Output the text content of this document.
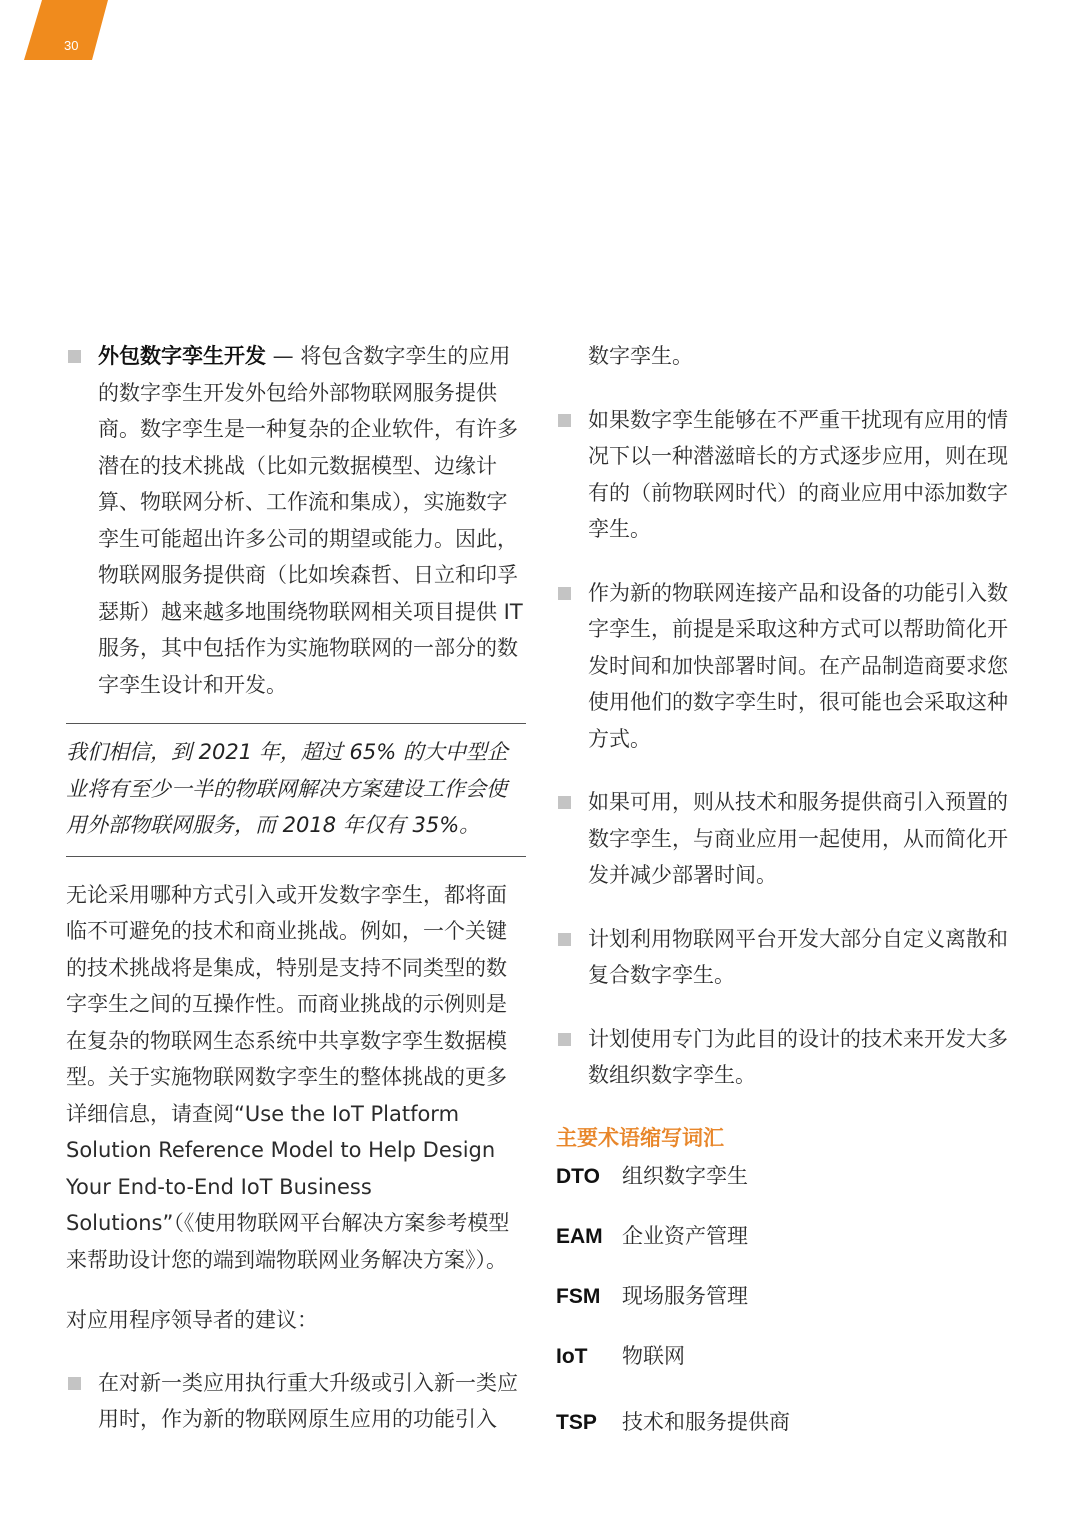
30
外包数字孪生开发 — 将包含数字孪生的应用的数字孪生开发外包给外部物联网服务提供商。数字孪生是一种复杂的企业软件，有许多潜在的技术挑战（比如元数据模型、边缘计算、物联网分析、工作流和集成），实施数字孪生可能超出许多公司的期望或能力。因此，物联网服务提供商（比如埃森哲、日立和印孚瑟斯）越来越多地围绕物联网相关项目提供 IT 服务，其中包括作为实施物联网的一部分的数字孪生设计和开发。
我们相信，到 2021 年，超过 65% 的大中型企业将有至少一半的物联网解决方案建设工作会使用外部物联网服务，而 2018 年仅有 35%。
无论采用哪种方式引入或开发数字孪生，都将面临不可避免的技术和商业挑战。例如，一个关键的技术挑战将是集成，特别是支持不同类型的数字孪生之间的互操作性。而商业挑战的示例则是在复杂的物联网生态系统中共享数字孪生数据模型。关于实施物联网数字孪生的整体挑战的更多详细信息，请查阅“Use the IoT Platform Solution Reference Model to Help Design Your End-to-End IoT Business Solutions”（《使用物联网平台解决方案参考模型来帮助设计您的端到端物联网业务解决方案》）。
对应用程序领导者的建议：
在对新一类应用执行重大升级或引入新一类应用时，作为新的物联网原生应用的功能引入
数字孪生。
如果数字孪生能够在不严重干扰现有应用的情况下以一种潜滋暗长的方式逐步应用，则在现有的（前物联网时代）的商业应用中添加数字孪生。
作为新的物联网连接产品和设备的功能引入数字孪生，前提是采取这种方式可以帮助简化开发时间和加快部署时间。在产品制造商要求您使用他们的数字孪生时，很可能也会采取这种方式。
如果可用，则从技术和服务提供商引入预置的数字孪生，与商业应用一起使用，从而简化开发并减少部署时间。
计划利用物联网平台开发大部分自定义离散和复合数字孪生。
计划使用专门为此目的设计的技术来开发大多数组织数字孪生。
主要术语缩写词汇
DTO	组织数字孪生
EAM 企业资产管理
FSM	现场服务管理
IoT	物联网
TSP	技术和服务提供商
